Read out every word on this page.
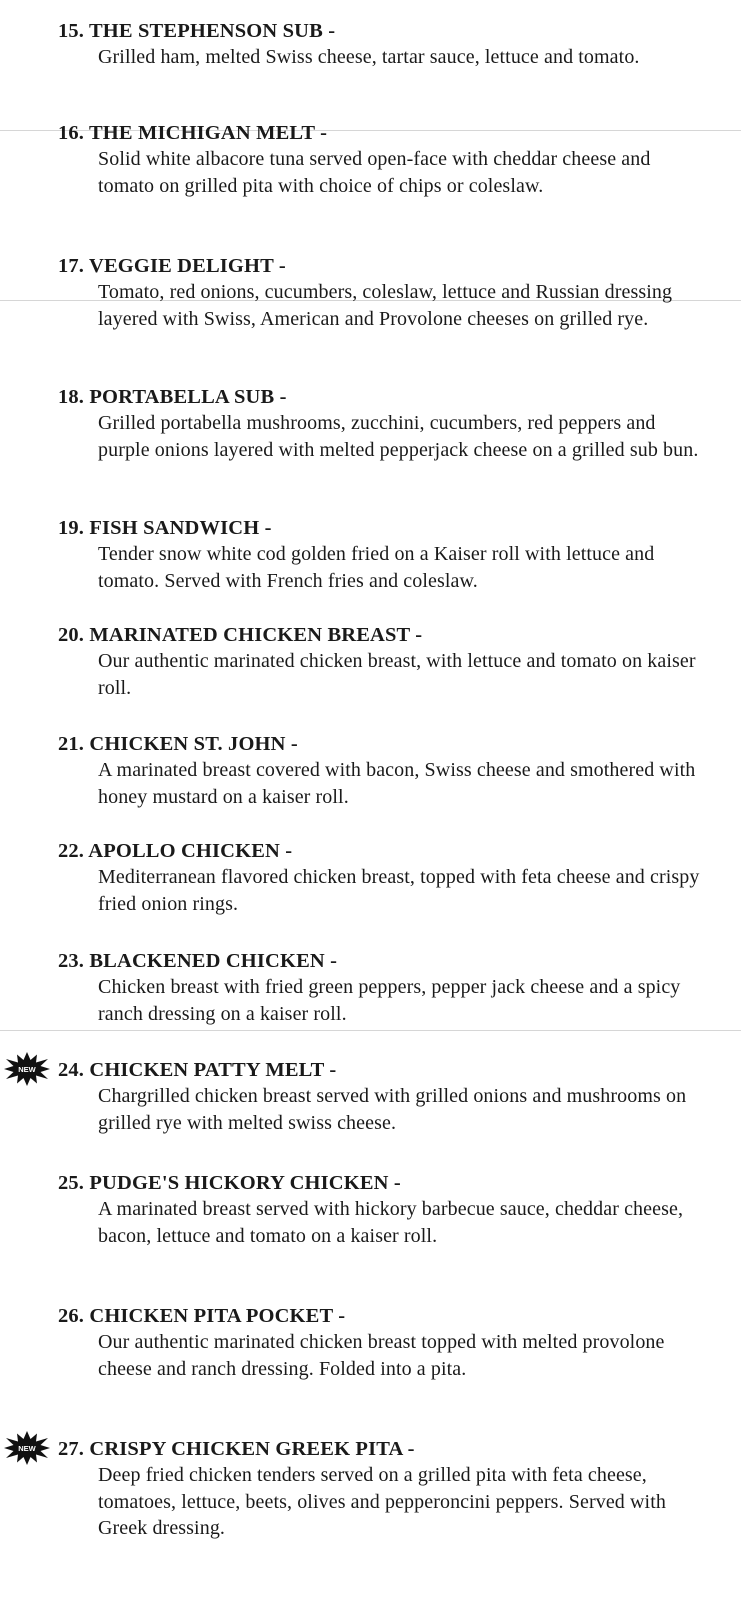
15. THE STEPHENSON SUB -
Grilled ham, melted Swiss cheese, tartar sauce, lettuce and tomato.
16. THE MICHIGAN MELT -
Solid white albacore tuna served open-face with cheddar cheese and tomato on grilled pita with choice of chips or coleslaw.
17. VEGGIE DELIGHT -
Tomato, red onions, cucumbers, coleslaw, lettuce and Russian dressing layered with Swiss, American and Provolone cheeses on grilled rye.
18. PORTABELLA SUB -
Grilled portabella mushrooms, zucchini, cucumbers, red peppers and purple onions layered with melted pepperjack cheese on a grilled sub bun.
19. FISH SANDWICH -
Tender snow white cod golden fried on a Kaiser roll with lettuce and tomato. Served with French fries and coleslaw.
20. MARINATED CHICKEN BREAST -
Our authentic marinated chicken breast, with lettuce and tomato on kaiser roll.
21. CHICKEN ST. JOHN -
A marinated breast covered with bacon, Swiss cheese and smothered with honey mustard on a kaiser roll.
22. APOLLO CHICKEN -
Mediterranean flavored chicken breast, topped with feta cheese and crispy fried onion rings.
23. BLACKENED CHICKEN -
Chicken breast with fried green peppers, pepper jack cheese and a spicy ranch dressing on a kaiser roll.
NEW 24. CHICKEN PATTY MELT -
Chargrilled chicken breast served with grilled onions and mushrooms on grilled rye with melted swiss cheese.
25. PUDGE'S HICKORY CHICKEN -
A marinated breast served with hickory barbecue sauce, cheddar cheese, bacon, lettuce and tomato on a kaiser roll.
26. CHICKEN PITA POCKET -
Our authentic marinated chicken breast topped with melted provolone cheese and ranch dressing. Folded into a pita.
NEW 27. CRISPY CHICKEN GREEK PITA -
Deep fried chicken tenders served on a grilled pita with feta cheese, tomatoes, lettuce, beets, olives and pepperoncini peppers. Served with Greek dressing.
